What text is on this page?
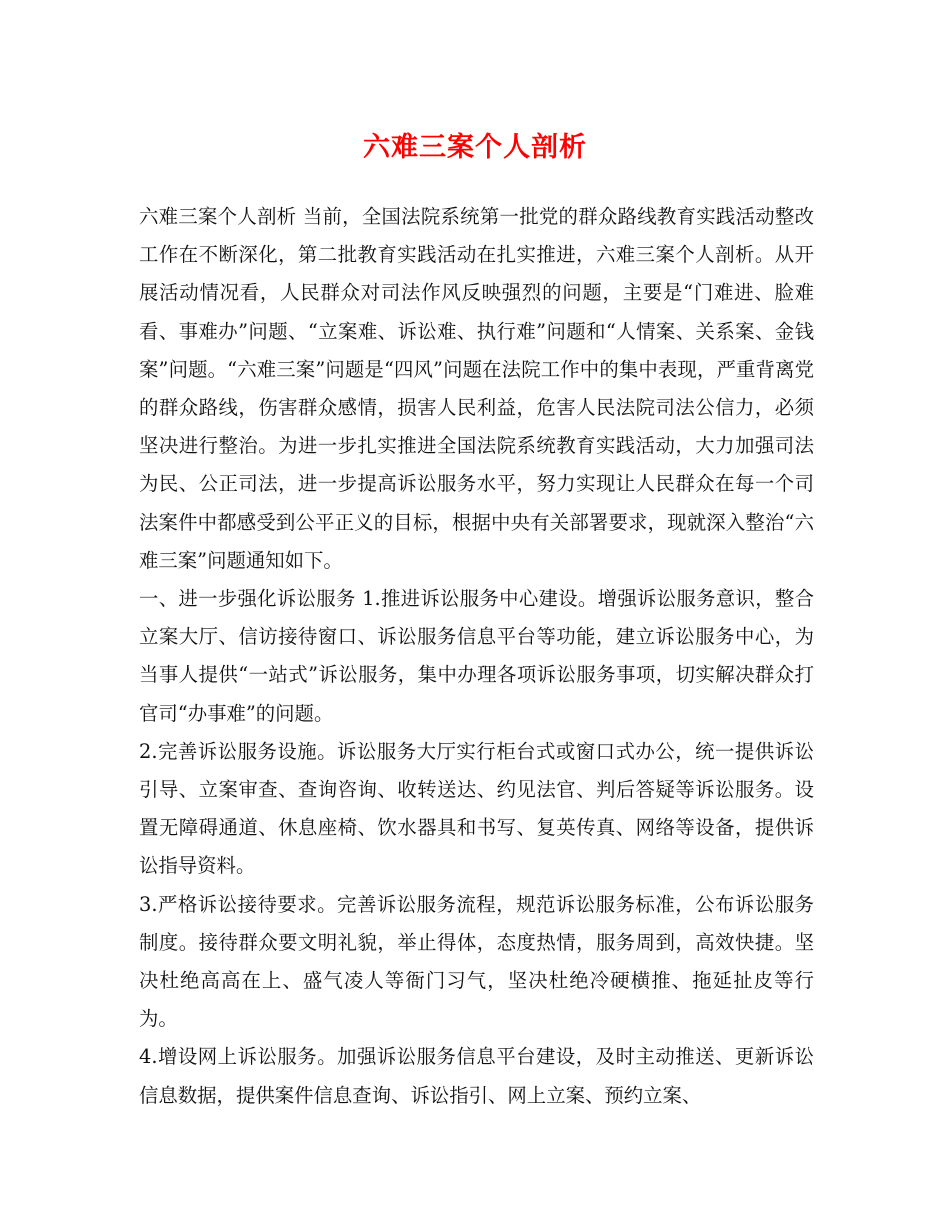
六难三案个人剖析

六难三案个人剖析 当前，全国法院系统第一批党的群众路线教育实践活动整改工作在不断深化，第二批教育实践活动在扎实推进，六难三案个人剖析。从开展活动情况看，人民群众对司法作风反映强烈的问题，主要是“门难进、脸难看、事难办”问题、“立案难、诉讼难、执行难”问题和“人情案、关系案、金钱案”问题。“六难三案”问题是“四风”问题在法院工作中的集中表现，严重背离党的群众路线，伤害群众感情，损害人民利益，危害人民法院司法公信力，必须坚决进行整治。为进一步扎实推进全国法院系统教育实践活动，大力加强司法为民、公正司法，进一步提高诉讼服务水平，努力实现让人民群众在每一个司法案件中都感受到公平正义的目标，根据中央有关部署要求，现就深入整治“六难三案”问题通知如下。

一、进一步强化诉讼服务 1.推进诉讼服务中心建设。增强诉讼服务意识，整合立案大厅、信访接待窗口、诉讼服务信息平台等功能，建立诉讼服务中心，为当事人提供“一站式”诉讼服务，集中办理各项诉讼服务事项，切实解决群众打官司“办事难”的问题。

2.完善诉讼服务设施。诉讼服务大厅实行柜台式或窗口式办公，统一提供诉讼引导、立案审查、查询咨询、收转送达、约见法官、判后答疑等诉讼服务。设置无障碍通道、休息座椅、饮水器具和书写、复英传真、网络等设备，提供诉讼指导资料。

3.严格诉讼接待要求。完善诉讼服务流程，规范诉讼服务标准，公布诉讼服务制度。接待群众要文明礼貌，举止得体，态度热情，服务周到，高效快捷。坚决杜绝高高在上、盛气凌人等衙门习气，坚决杜绝冷硬横推、拖延扯皮等行为。

4.增设网上诉讼服务。加强诉讼服务信息平台建设，及时主动推送、更新诉讼信息数据，提供案件信息查询、诉讼指引、网上立案、预约立案、
